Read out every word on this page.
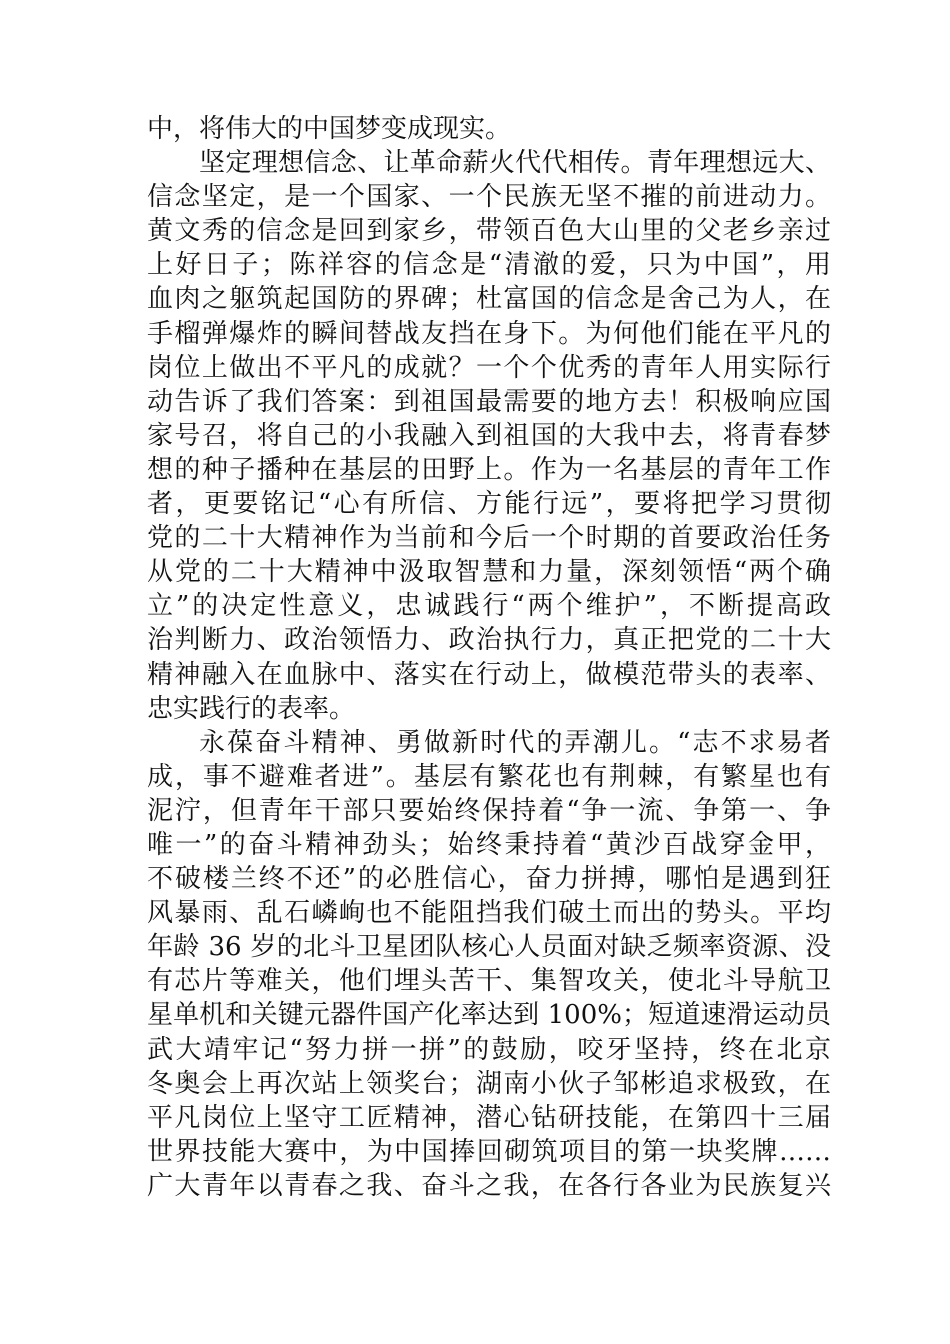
中，将伟大的中国梦变成现实。
坚定理想信念、让革命薪火代代相传。青年理想远大、
信念坚定，是一个国家、一个民族无坚不摧的前进动力。
黄文秀的信念是回到家乡，带领百色大山里的父老乡亲过
上好日子；陈祥容的信念是“清澈的爱，只为中国”，用
血肉之躯筑起国防的界碑；杜富国的信念是舍己为人，在
手榴弹爆炸的瞬间替战友挡在身下。为何他们能在平凡的
岗位上做出不平凡的成就？一个个优秀的青年人用实际行
动告诉了我们答案：到祖国最需要的地方去！积极响应国
家号召，将自己的小我融入到祖国的大我中去，将青春梦
想的种子播种在基层的田野上。作为一名基层的青年工作
者，更要铭记“心有所信、方能行远”，要将把学习贯彻
党的二十大精神作为当前和今后一个时期的首要政治任务
从党的二十大精神中汲取智慧和力量，深刻领悟“两个确
立”的决定性意义，忠诚践行“两个维护”，不断提高政
治判断力、政治领悟力、政治执行力，真正把党的二十大
精神融入在血脉中、落实在行动上，做模范带头的表率、
忠实践行的表率。
永葆奋斗精神、勇做新时代的弄潮儿。“志不求易者
成，事不避难者进”。基层有繁花也有荆棘，有繁星也有
泥泞，但青年干部只要始终保持着“争一流、争第一、争
唯一”的奋斗精神劲头；始终秉持着“黄沙百战穿金甲，
不破楼兰终不还”的必胜信心，奋力拼搏，哪怕是遇到狂
风暴雨、乱石嶙峋也不能阻挡我们破土而出的势头。平均
年龄 36 岁的北斗卫星团队核心人员面对缺乏频率资源、没
有芯片等难关，他们埋头苦干、集智攻关，使北斗导航卫
星单机和关键元器件国产化率达到 100%；短道速滑运动员
武大靖牢记“努力拼一拼”的鼓励，咬牙坚持，终在北京
冬奥会上再次站上领奖台；湖南小伙子邹彬追求极致，在
平凡岗位上坚守工匠精神，潜心钻研技能，在第四十三届
世界技能大赛中，为中国捧回砌筑项目的第一块奖牌……
广大青年以青春之我、奋斗之我，在各行各业为民族复兴
